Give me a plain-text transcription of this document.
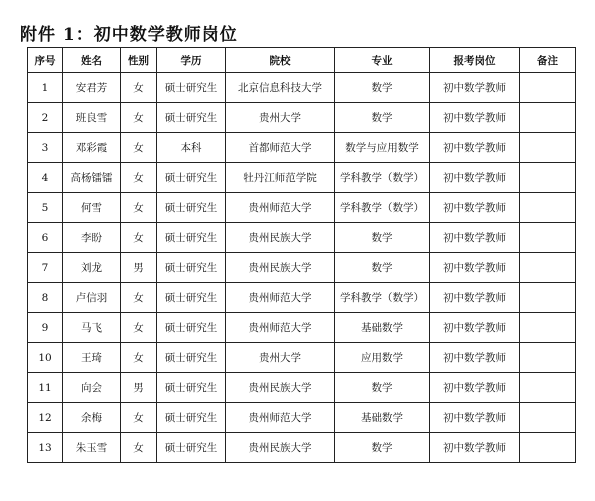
附件 1：初中数学教师岗位
序号	姓名	性别	学历	院校	专业	报考岗位	备注
1	安君芳	女	硕士研究生	北京信息科技大学	数学	初中数学教师	
2	班良雪	女	硕士研究生	贵州大学	数学	初中数学教师	
3	邓彩霞	女	本科	首都师范大学	数学与应用数学	初中数学教师	
4	高杨镭镭	女	硕士研究生	牡丹江师范学院	学科教学（数学）	初中数学教师	
5	何雪	女	硕士研究生	贵州师范大学	学科教学（数学）	初中数学教师	
6	李盼	女	硕士研究生	贵州民族大学	数学	初中数学教师	
7	刘龙	男	硕士研究生	贵州民族大学	数学	初中数学教师	
8	卢信羽	女	硕士研究生	贵州师范大学	学科教学（数学）	初中数学教师	
9	马飞	女	硕士研究生	贵州师范大学	基础数学	初中数学教师	
10	王琦	女	硕士研究生	贵州大学	应用数学	初中数学教师	
11	向会	男	硕士研究生	贵州民族大学	数学	初中数学教师	
12	余梅	女	硕士研究生	贵州师范大学	基础数学	初中数学教师	
13	朱玉雪	女	硕士研究生	贵州民族大学	数学	初中数学教师	
